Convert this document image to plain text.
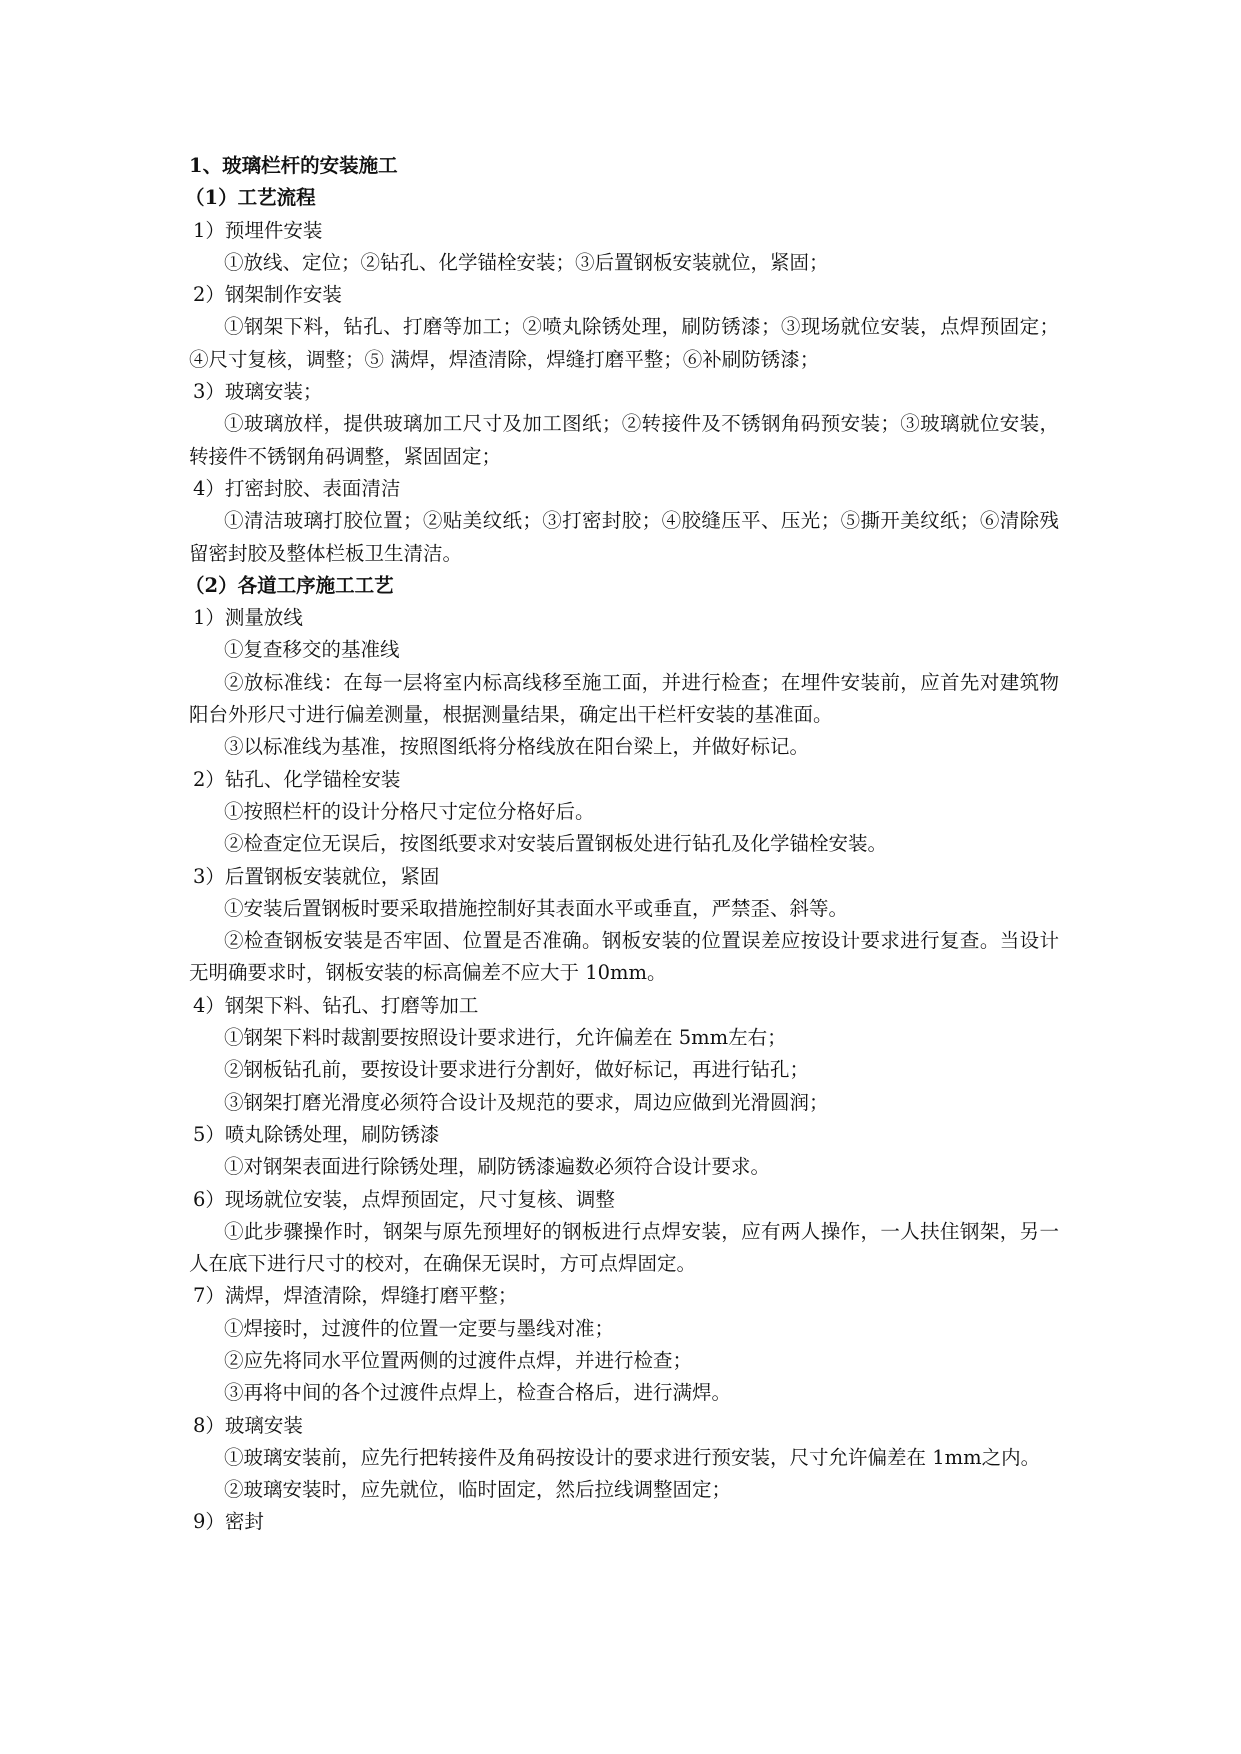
1、玻璃栏杆的安装施工

（1）工艺流程

1）预埋件安装

①放线、定位；②钻孔、化学锚栓安装；③后置钢板安装就位，紧固；

2）钢架制作安装

①钢架下料，钻孔、打磨等加工；②喷丸除锈处理，刷防锈漆；③现场就位安装，点焊预固定；④尺寸复核，调整；⑤ 满焊，焊渣清除，焊缝打磨平整；⑥补刷防锈漆；

3）玻璃安装；

①玻璃放样，提供玻璃加工尺寸及加工图纸；②转接件及不锈钢角码预安装；③玻璃就位安装，转接件不锈钢角码调整，紧固固定；

4）打密封胶、表面清洁

①清洁玻璃打胶位置；②贴美纹纸；③打密封胶；④胶缝压平、压光；⑤撕开美纹纸；⑥清除残留密封胶及整体栏板卫生清洁。

（2）各道工序施工工艺

1）测量放线

①复查移交的基准线

②放标准线：在每一层将室内标高线移至施工面，并进行检查；在埋件安装前，应首先对建筑物阳台外形尺寸进行偏差测量，根据测量结果，确定出干栏杆安装的基准面。

③以标准线为基准，按照图纸将分格线放在阳台梁上，并做好标记。

2）钻孔、化学锚栓安装

①按照栏杆的设计分格尺寸定位分格好后。

②检查定位无误后，按图纸要求对安装后置钢板处进行钻孔及化学锚栓安装。

3）后置钢板安装就位，紧固

①安装后置钢板时要采取措施控制好其表面水平或垂直，严禁歪、斜等。

②检查钢板安装是否牢固、位置是否准确。钢板安装的位置误差应按设计要求进行复查。当设计无明确要求时，钢板安装的标高偏差不应大于 10mm。

4）钢架下料、钻孔、打磨等加工

①钢架下料时裁割要按照设计要求进行，允许偏差在 5mm左右；

②钢板钻孔前，要按设计要求进行分割好，做好标记，再进行钻孔；

③钢架打磨光滑度必须符合设计及规范的要求，周边应做到光滑圆润；

5）喷丸除锈处理，刷防锈漆

①对钢架表面进行除锈处理，刷防锈漆遍数必须符合设计要求。

6）现场就位安装，点焊预固定，尺寸复核、调整

①此步骤操作时，钢架与原先预埋好的钢板进行点焊安装，应有两人操作，一人扶住钢架，另一人在底下进行尺寸的校对，在确保无误时，方可点焊固定。

7）满焊，焊渣清除，焊缝打磨平整；

①焊接时，过渡件的位置一定要与墨线对准；

②应先将同水平位置两侧的过渡件点焊，并进行检查；

③再将中间的各个过渡件点焊上，检查合格后，进行满焊。

8）玻璃安装

①玻璃安装前，应先行把转接件及角码按设计的要求进行预安装，尺寸允许偏差在 1mm之内。

②玻璃安装时，应先就位，临时固定，然后拉线调整固定；

9）密封
